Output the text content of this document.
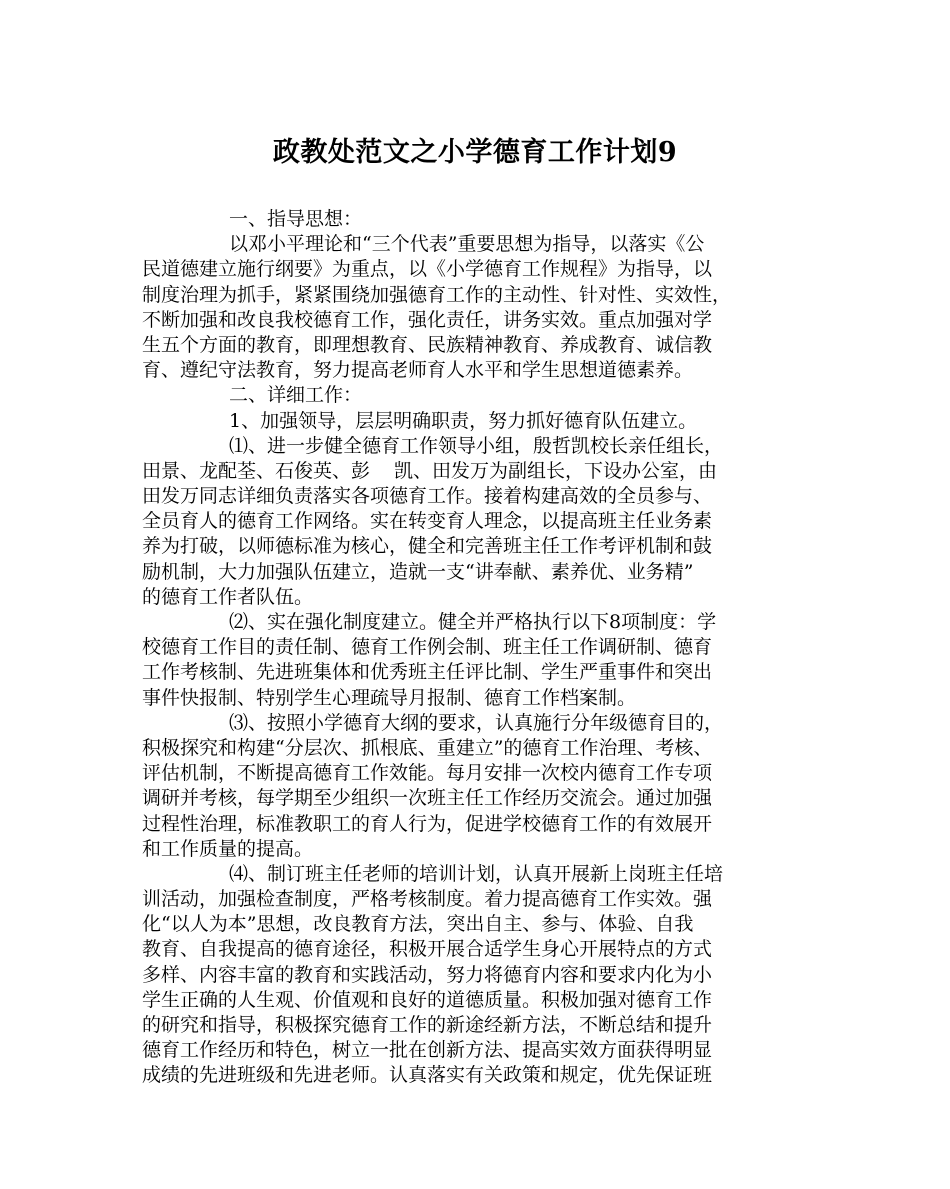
政教处范文之小学德育工作计划9
一、指导思想：
以邓小平理论和“三个代表”重要思想为指导，以落实《公
民道德建立施行纲要》为重点，以《小学德育工作规程》为指导，以
制度治理为抓手，紧紧围绕加强德育工作的主动性、针对性、实效性，
不断加强和改良我校德育工作，强化责任，讲务实效。重点加强对学
生五个方面的教育，即理想教育、民族精神教育、养成教育、诚信教
育、遵纪守法教育，努力提高老师育人水平和学生思想道德素养。
二、详细工作：
1、加强领导，层层明确职责，努力抓好德育队伍建立。
⑴、进一步健全德育工作领导小组，殷哲凯校长亲任组长，
田景、龙配荃、石俊英、彭 凯、田发万为副组长，下设办公室，由
田发万同志详细负责落实各项德育工作。接着构建高效的全员参与、
全员育人的德育工作网络。实在转变育人理念，以提高班主任业务素
养为打破，以师德标准为核心，健全和完善班主任工作考评机制和鼓
励机制，大力加强队伍建立，造就一支“讲奉献、素养优、业务精”
的德育工作者队伍。
⑵、实在强化制度建立。健全并严格执行以下8项制度：学
校德育工作目的责任制、德育工作例会制、班主任工作调研制、德育
工作考核制、先进班集体和优秀班主任评比制、学生严重事件和突出
事件快报制、特别学生心理疏导月报制、德育工作档案制。
⑶、按照小学德育大纲的要求，认真施行分年级德育目的，
积极探究和构建“分层次、抓根底、重建立”的德育工作治理、考核、
评估机制，不断提高德育工作效能。每月安排一次校内德育工作专项
调研并考核，每学期至少组织一次班主任工作经历交流会。通过加强
过程性治理，标准教职工的育人行为，促进学校德育工作的有效展开
和工作质量的提高。
⑷、制订班主任老师的培训计划，认真开展新上岗班主任培
训活动，加强检查制度，严格考核制度。着力提高德育工作实效。强
化“以人为本”思想，改良教育方法，突出自主、参与、体验、自我
教育、自我提高的德育途径，积极开展合适学生身心开展特点的方式
多样、内容丰富的教育和实践活动，努力将德育内容和要求内化为小
学生正确的人生观、价值观和良好的道德质量。积极加强对德育工作
的研究和指导，积极探究德育工作的新途经新方法，不断总结和提升
德育工作经历和特色，树立一批在创新方法、提高实效方面获得明显
成绩的先进班级和先进老师。认真落实有关政策和规定，优先保证班
